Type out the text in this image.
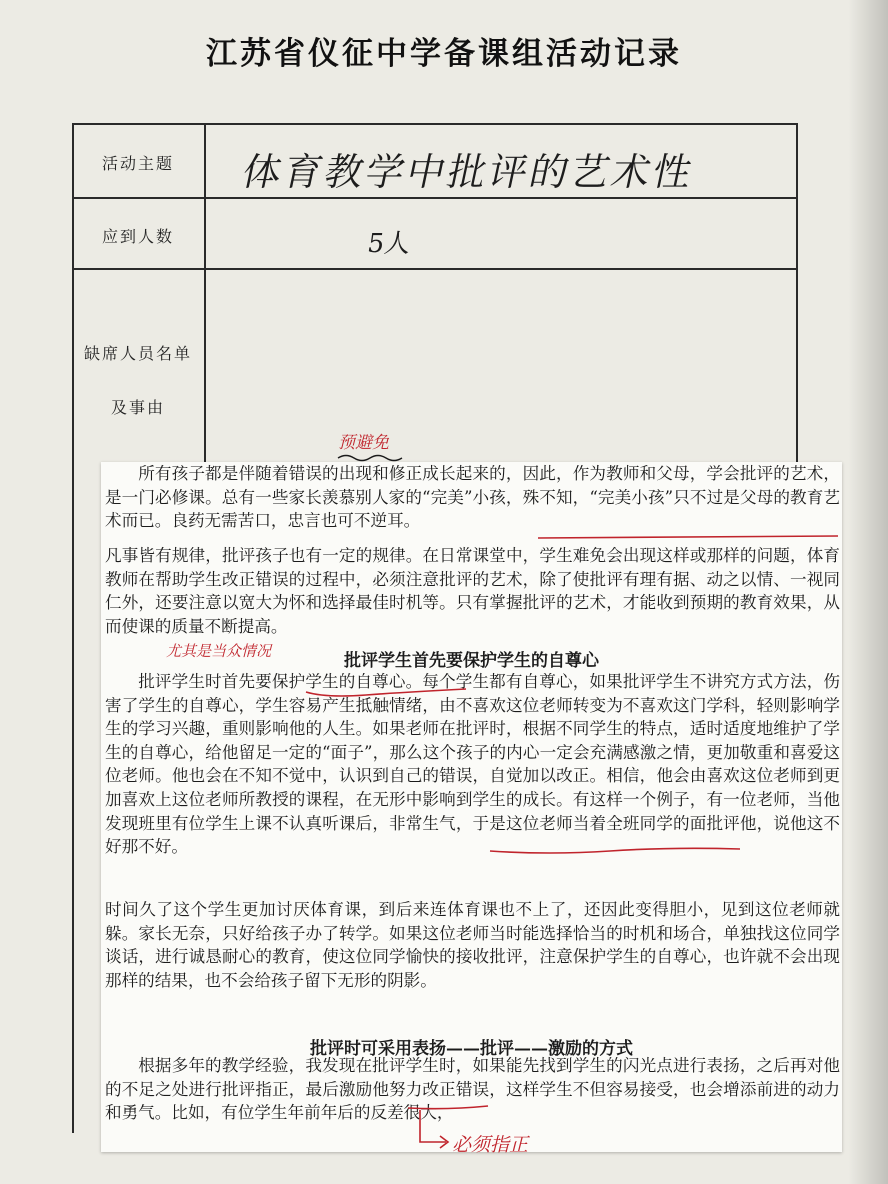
江苏省仪征中学备课组活动记录
活动主题
应到人数
缺席人员名单
及事由
体育教学中批评的艺术性
5人
所有孩子都是伴随着错误的出现和修正成长起来的，因此，作为教师和父母，学会批评的艺术，是一门必修课。总有一些家长羡慕别人家的“完美”小孩，殊不知，“完美小孩”只不过是父母的教育艺术而已。良药无需苦口，忠言也可不逆耳。
凡事皆有规律，批评孩子也有一定的规律。在日常课堂中，学生难免会出现这样或那样的问题，体育教师在帮助学生改正错误的过程中，必须注意批评的艺术，除了使批评有理有据、动之以情、一视同仁外，还要注意以宽大为怀和选择最佳时机等。只有掌握批评的艺术，才能收到预期的教育效果，从而使课的质量不断提高。
批评学生首先要保护学生的自尊心
批评学生时首先要保护学生的自尊心。每个学生都有自尊心，如果批评学生不讲究方式方法，伤害了学生的自尊心，学生容易产生抵触情绪，由不喜欢这位老师转变为不喜欢这门学科，轻则影响学生的学习兴趣，重则影响他的人生。如果老师在批评时，根据不同学生的特点，适时适度地维护了学生的自尊心，给他留足一定的“面子”，那么这个孩子的内心一定会充满感激之情，更加敬重和喜爱这位老师。他也会在不知不觉中，认识到自己的错误，自觉加以改正。相信，他会由喜欢这位老师到更加喜欢上这位老师所教授的课程，在无形中影响到学生的成长。有这样一个例子，有一位老师，当他发现班里有位学生上课不认真听课后，非常生气，于是这位老师当着全班同学的面批评他，说他这不好那不好。
时间久了这个学生更加讨厌体育课，到后来连体育课也不上了，还因此变得胆小，见到这位老师就躲。家长无奈，只好给孩子办了转学。如果这位老师当时能选择恰当的时机和场合，单独找这位同学谈话，进行诚恳耐心的教育，使这位同学愉快的接收批评，注意保护学生的自尊心，也许就不会出现那样的结果，也不会给孩子留下无形的阴影。
批评时可采用表扬——批评——激励的方式
根据多年的教学经验，我发现在批评学生时，如果能先找到学生的闪光点进行表扬，之后再对他的不足之处进行批评指正，最后激励他努力改正错误，这样学生不但容易接受，也会增添前进的动力和勇气。比如，有位学生年前年后的反差很大，
预避免
尤其是当众情况
必须指正
